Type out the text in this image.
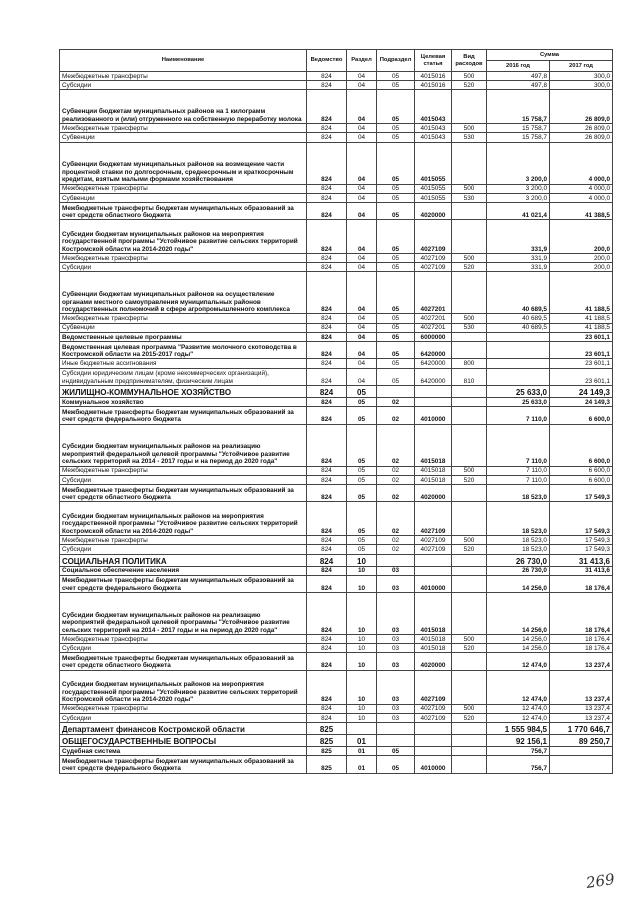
Наименование	Ведомство	Раздел	Подраздел	Целевая статья	Вид расходов	Сумма	
						2016 год	2017 год
Межбюджетные трансферты	824	04	05	4015016	500	497,8	300,0
Субсидии	824	04	05	4015016	520	497,8	300,0
Субвенции бюджетам муниципальных районов на 1 килограмм реализованного и (или) отгруженного на собственную переработку молока	824	04	05	4015043		15 758,7	26 809,0
Межбюджетные трансферты	824	04	05	4015043	500	15 758,7	26 809,0
Субвенции	824	04	05	4015043	530	15 758,7	26 809,0
Субвенции бюджетам муниципальных районов на возмещение части процентной ставки по долгосрочным, среднесрочным и краткосрочным кредитам, взятым малыми формами хозяйствования	824	04	05	4015055		3 200,0	4 000,0
Межбюджетные трансферты	824	04	05	4015055	500	3 200,0	4 000,0
Субвенции	824	04	05	4015055	530	3 200,0	4 000,0
Межбюджетные трансферты бюджетам муниципальных образований за счет средств областного бюджета	824	04	05	4020000		41 021,4	41 388,5
Субсидии бюджетам муниципальных районов на мероприятия государственной программы "Устойчивое развитие сельских территорий Костромской области на 2014-2020 годы"	824	04	05	4027109		331,9	200,0
Межбюджетные трансферты	824	04	05	4027109	500	331,9	200,0
Субсидии	824	04	05	4027109	520	331,9	200,0
Субвенции бюджетам муниципальных районов на осуществление органами местного самоуправления муниципальных районов государственных полномочий в сфере агропромышленного комплекса	824	04	05	4027201		40 689,5	41 188,5
Межбюджетные трансферты	824	04	05	4027201	500	40 689,5	41 188,5
Субвенции	824	04	05	4027201	530	40 689,5	41 188,5
Ведомственные целевые программы	824	04	05	6000000			23 601,1
Ведомственная целевая программа "Развитие молочного скотоводства в Костромской области на 2015-2017 годы"	824	04	05	6420000			23 601,1
Иные бюджетные ассигнования	824	04	05	6420000	800		23 601,1
Субсидии юридическим лицам (кроме некоммерческих организаций), индивидуальным предпринимателям, физическим лицам	824	04	05	6420000	810		23 601,1
ЖИЛИЩНО-КОММУНАЛЬНОЕ ХОЗЯЙСТВО	824	05				25 633,0	24 149,3
Коммунальное хозяйство	824	05	02			25 633,0	24 149,3
Межбюджетные трансферты бюджетам муниципальных образований за счет средств федерального бюджета	824	05	02	4010000		7 110,0	6 600,0
Субсидии бюджетам муниципальных районов на реализацию мероприятий федеральной целевой программы "Устойчивое развитие сельских территорий на 2014 - 2017 годы и на период до 2020 года"	824	05	02	4015018		7 110,0	6 600,0
Межбюджетные трансферты	824	05	02	4015018	500	7 110,0	6 600,0
Субсидии	824	05	02	4015018	520	7 110,0	6 600,0
Межбюджетные трансферты бюджетам муниципальных образований за счет средств областного бюджета	824	05	02	4020000		18 523,0	17 549,3
Субсидии бюджетам муниципальных районов на мероприятия государственной программы "Устойчивое развитие сельских территорий Костромской области на 2014-2020 годы"	824	05	02	4027109		18 523,0	17 549,3
Межбюджетные трансферты	824	05	02	4027109	500	18 523,0	17 549,3
Субсидии	824	05	02	4027109	520	18 523,0	17 549,3
СОЦИАЛЬНАЯ ПОЛИТИКА	824	10				26 730,0	31 413,6
Социальное обеспечение населения	824	10	03			26 730,0	31 413,6
Межбюджетные трансферты бюджетам муниципальных образований за счет средств федерального бюджета	824	10	03	4010000		14 256,0	18 176,4
Субсидии бюджетам муниципальных районов на реализацию мероприятий федеральной целевой программы "Устойчивое развитие сельских территорий на 2014 - 2017 годы и на период до 2020 года"	824	10	03	4015018		14 256,0	18 176,4
Межбюджетные трансферты	824	10	03	4015018	500	14 256,0	18 176,4
Субсидии	824	10	03	4015018	520	14 256,0	18 176,4
Межбюджетные трансферты бюджетам муниципальных образований за счет средств областного бюджета	824	10	03	4020000		12 474,0	13 237,4
Субсидии бюджетам муниципальных районов на мероприятия государственной программы "Устойчивое развитие сельских территорий Костромской области на 2014-2020 годы"	824	10	03	4027109		12 474,0	13 237,4
Межбюджетные трансферты	824	10	03	4027109	500	12 474,0	13 237,4
Субсидии	824	10	03	4027109	520	12 474,0	13 237,4
Департамент финансов Костромской области	825					1 555 984,5	1 770 646,7
ОБЩЕГОСУДАРСТВЕННЫЕ ВОПРОСЫ	825	01				92 156,1	89 250,7
Судебная система	825	01	05			756,7	
Межбюджетные трансферты бюджетам муниципальных образований за счет средств федерального бюджета	825	01	05	4010000		756,7	
269
